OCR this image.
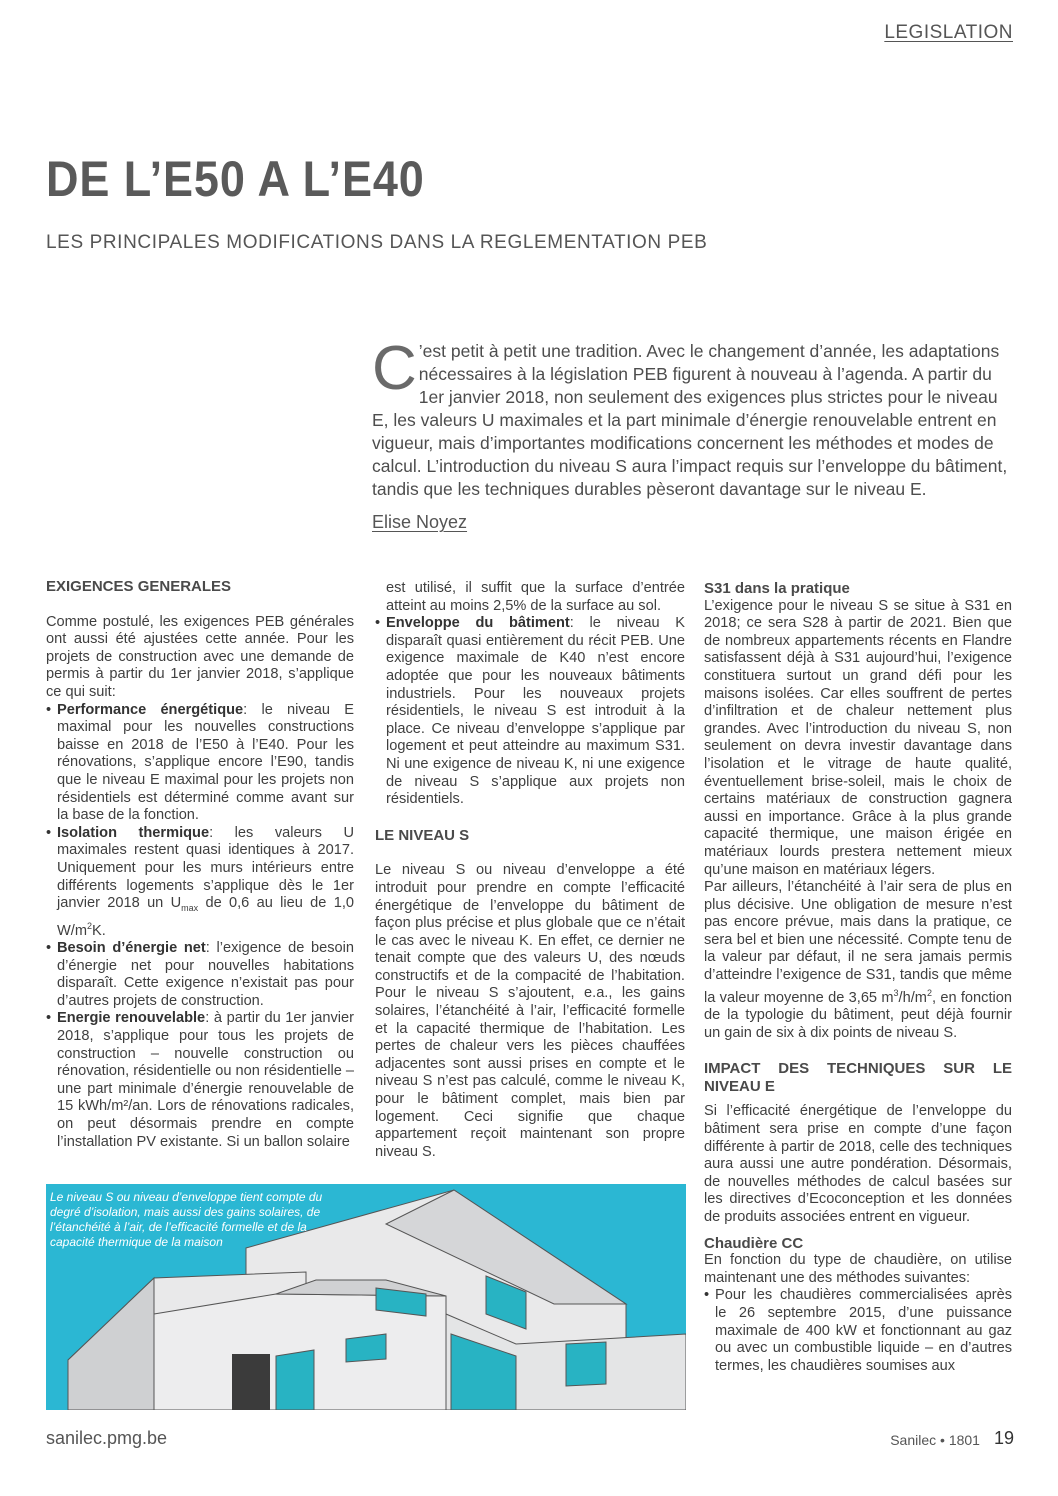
LEGISLATION
DE L’E50 A L’E40
LES PRINCIPALES MODIFICATIONS DANS LA REGLEMENTATION PEB
C ’est petit à petit une tradition. Avec le changement d’année, les adaptations nécessaires à la législation PEB figurent à nouveau à l’agenda. A partir du 1er janvier 2018, non seulement des exigences plus strictes pour le niveau E, les valeurs U maximales et la part minimale d’énergie renouvelable entrent en vigueur, mais d’importantes modifications concernent les méthodes et modes de calcul. L’introduction du niveau S aura l’impact requis sur l’enveloppe du bâtiment, tandis que les techniques durables pèseront davantage sur le niveau E.
Elise Noyez
EXIGENCES GENERALES

Comme postulé, les exigences PEB générales ont aussi été ajustées cette année. Pour les projets de construction avec une demande de permis à partir du 1er janvier 2018, s’applique ce qui suit:

• Performance énergétique: le niveau E maximal pour les nouvelles constructions baisse en 2018 de l’E50 à l’E40. Pour les rénovations, s’applique encore l’E90, tandis que le niveau E maximal pour les projets non résidentiels est déterminé comme avant sur la base de la fonction.
• Isolation thermique: les valeurs U maximales restent quasi identiques à 2017. Uniquement pour les murs intérieurs entre différents logements s’applique dès le 1er janvier 2018 un $U_{max}$ de 0,6 au lieu de 1,0 $W/m^2K$.
• Besoin d’énergie net: l’exigence de besoin d’énergie net pour nouvelles habitations disparaît. Cette exigence n’existait pas pour d’autres projets de construction.
• Energie renouvelable: à partir du 1er janvier 2018, s’applique pour tous les projets de construction – nouvelle construction ou rénovation, résidentielle ou non résidentielle – une part minimale d’énergie renouvelable de 15 kWh/m²/an. Lors de rénovations radicales, on peut désormais prendre en compte l’installation PV existante. Si un ballon solaire

est utilisé, il suffit que la surface d’entrée atteint au moins 2,5% de la surface au sol.

• Enveloppe du bâtiment: le niveau K disparaît quasi entièrement du récit PEB. Une exigence maximale de K40 n’est encore adoptée que pour les nouveaux bâtiments industriels. Pour les nouveaux projets résidentiels, le niveau S est introduit à la place. Ce niveau d’enveloppe s’applique par logement et peut atteindre au maximum S31. Ni une exigence de niveau K, ni une exigence de niveau S s’applique aux projets non résidentiels.
LE NIVEAU S

Le niveau S ou niveau d’enveloppe a été introduit pour prendre en compte l’efficacité énergétique de l’enveloppe du bâtiment de façon plus précise et plus globale que ce n’était le cas avec le niveau K. En effet, ce dernier ne tenait compte que des valeurs U, des nœuds constructifs et de la compacité de l’habitation. Pour le niveau S s’ajoutent, e.a., les gains solaires, l’étanchéité à l’air, l’efficacité formelle et la capacité thermique de l’habitation. Les pertes de chaleur vers les pièces chauffées adjacentes sont aussi prises en compte et le niveau S n’est pas calculé, comme le niveau K, pour le bâtiment complet, mais bien par logement. Ceci signifie que chaque appartement reçoit maintenant son propre niveau S.

S31 dans la pratique

L’exigence pour le niveau S se situe à S31 en 2018; ce sera S28 à partir de 2021. Bien que de nombreux appartements récents en Flandre satisfassent déjà à S31 aujourd’hui, l’exigence constituera surtout un grand défi pour les maisons isolées. Car elles souffrent de pertes d’infiltration et de chaleur nettement plus grandes. Avec l’introduction du niveau S, non seulement on devra investir davantage dans l’isolation et le vitrage de haute qualité, éventuellement brise-soleil, mais le choix de certains matériaux de construction gagnera aussi en importance. Grâce à la plus grande capacité thermique, une maison érigée en matériaux lourds prestera nettement mieux qu’une maison en matériaux légers.

Par ailleurs, l’étanchéité à l’air sera de plus en plus décisive. Une obligation de mesure n’est pas encore prévue, mais dans la pratique, ce sera bel et bien une nécessité. Compte tenu de la valeur par défaut, il ne sera jamais permis d’atteindre l’exigence de S31, tandis que même la valeur moyenne de 3,65 $m^3/h/m^2$, en fonction de la typologie du bâtiment, peut déjà fournir un gain de six à dix points de niveau S.

IMPACT DES TECHNIQUES SUR LE NIVEAU E

Si l’efficacité énergétique de l’enveloppe du bâtiment sera prise en compte d’une façon différente à partir de 2018, celle des techniques aura aussi une autre pondération. Désormais, de nouvelles méthodes de calcul basées sur les directives d’Ecoconception et les données de produits associées entrent en vigueur.

Chaudière CC

En fonction du type de chaudière, on utilise maintenant une des méthodes suivantes:

• Pour les chaudières commercialisées après le 26 septembre 2015, d’une puissance maximale de 400 kW et fonctionnant au gaz ou avec un combustible liquide – en d’autres termes, les chaudières soumises aux
Le niveau S ou niveau d’enveloppe tient compte du degré d’isolation, mais aussi des gains solaires, de l’étanchéité à l’air, de l’efficacité formelle et de la capacité thermique de la maison
sanilec.pmg.be	Sanilec • 1801 19
